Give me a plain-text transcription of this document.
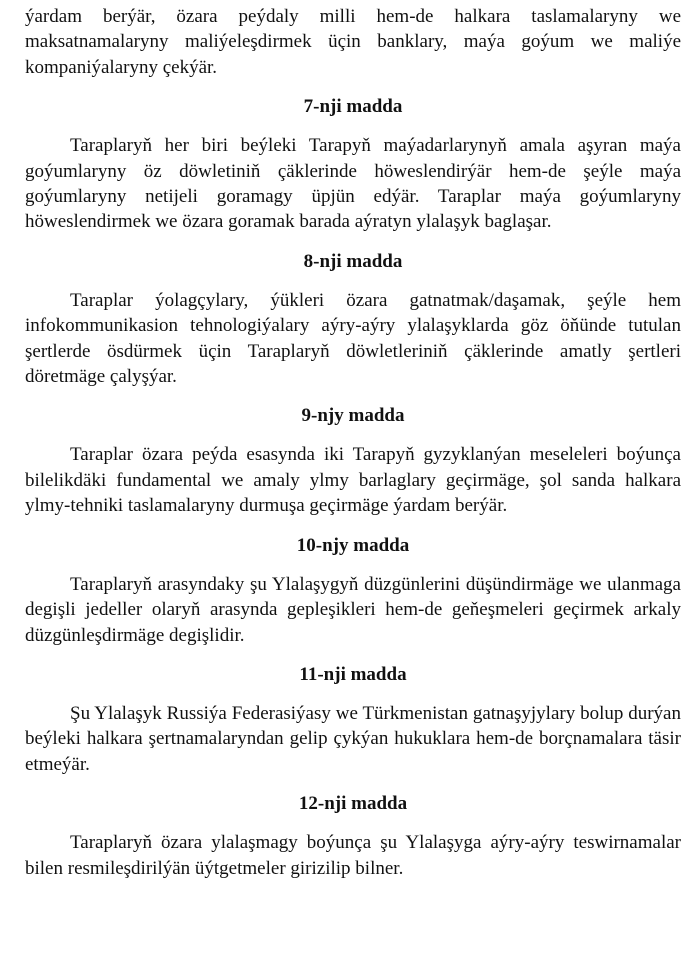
ýardam berýär, özara peýdaly milli hem-de halkara taslamalaryny we maksatnamalaryny maliýeleşdirmek üçin banklary, maýa goýum we maliýe kompaniýalaryny çekýär.

7-nji madda

Taraplaryň her biri beýleki Tarapyň maýadarlarynyň amala aşyran maýa goýumlaryny öz döwletiniň çäklerinde höweslendirýär hem-de şeýle maýa goýumlaryny netijeli goramagy üpjün edýär. Taraplar maýa goýumlaryny höweslendirmek we özara goramak barada aýratyn ylalaşyk baglaşar.

8-nji madda

Taraplar ýolagçylary, ýükleri özara gatnatmak/daşamak, şeýle hem infokommunikasion tehnologiýalary aýry-aýry ylalaşyklarda göz öňünde tutulan şertlerde ösdürmek üçin Taraplaryň döwletleriniň çäklerinde amatly şertleri döretmäge çalyşýar.

9-njy madda

Taraplar özara peýda esasynda iki Tarapyň gyzyklanýan meseleleri boýunça bilelikdäki fundamental we amaly ylmy barlaglary geçirmäge, şol sanda halkara ylmy-tehniki taslamalaryny durmuşa geçirmäge ýardam berýär.

10-njy madda

Taraplaryň arasyndaky şu Ylalaşygyň düzgünlerini düşündirmäge we ulanmaga degişli jedeller olaryň arasynda gepleşikleri hem-de geňeşmeleri geçirmek arkaly düzgünleşdirmäge degişlidir.

11-nji madda

Şu Ylalaşyk Russiýa Federasiýasy we Türkmenistan gatnaşyjylary bolup durýan beýleki halkara şertnamalaryndan gelip çykýan hukuklara hem-de borçnamalara täsir etmeýär.

12-nji madda

Taraplaryň özara ylalaşmagy boýunça şu Ylalaşyga aýry-aýry teswirnamalar bilen resmileşdirilýän üýtgetmeler girizilip bilner.
